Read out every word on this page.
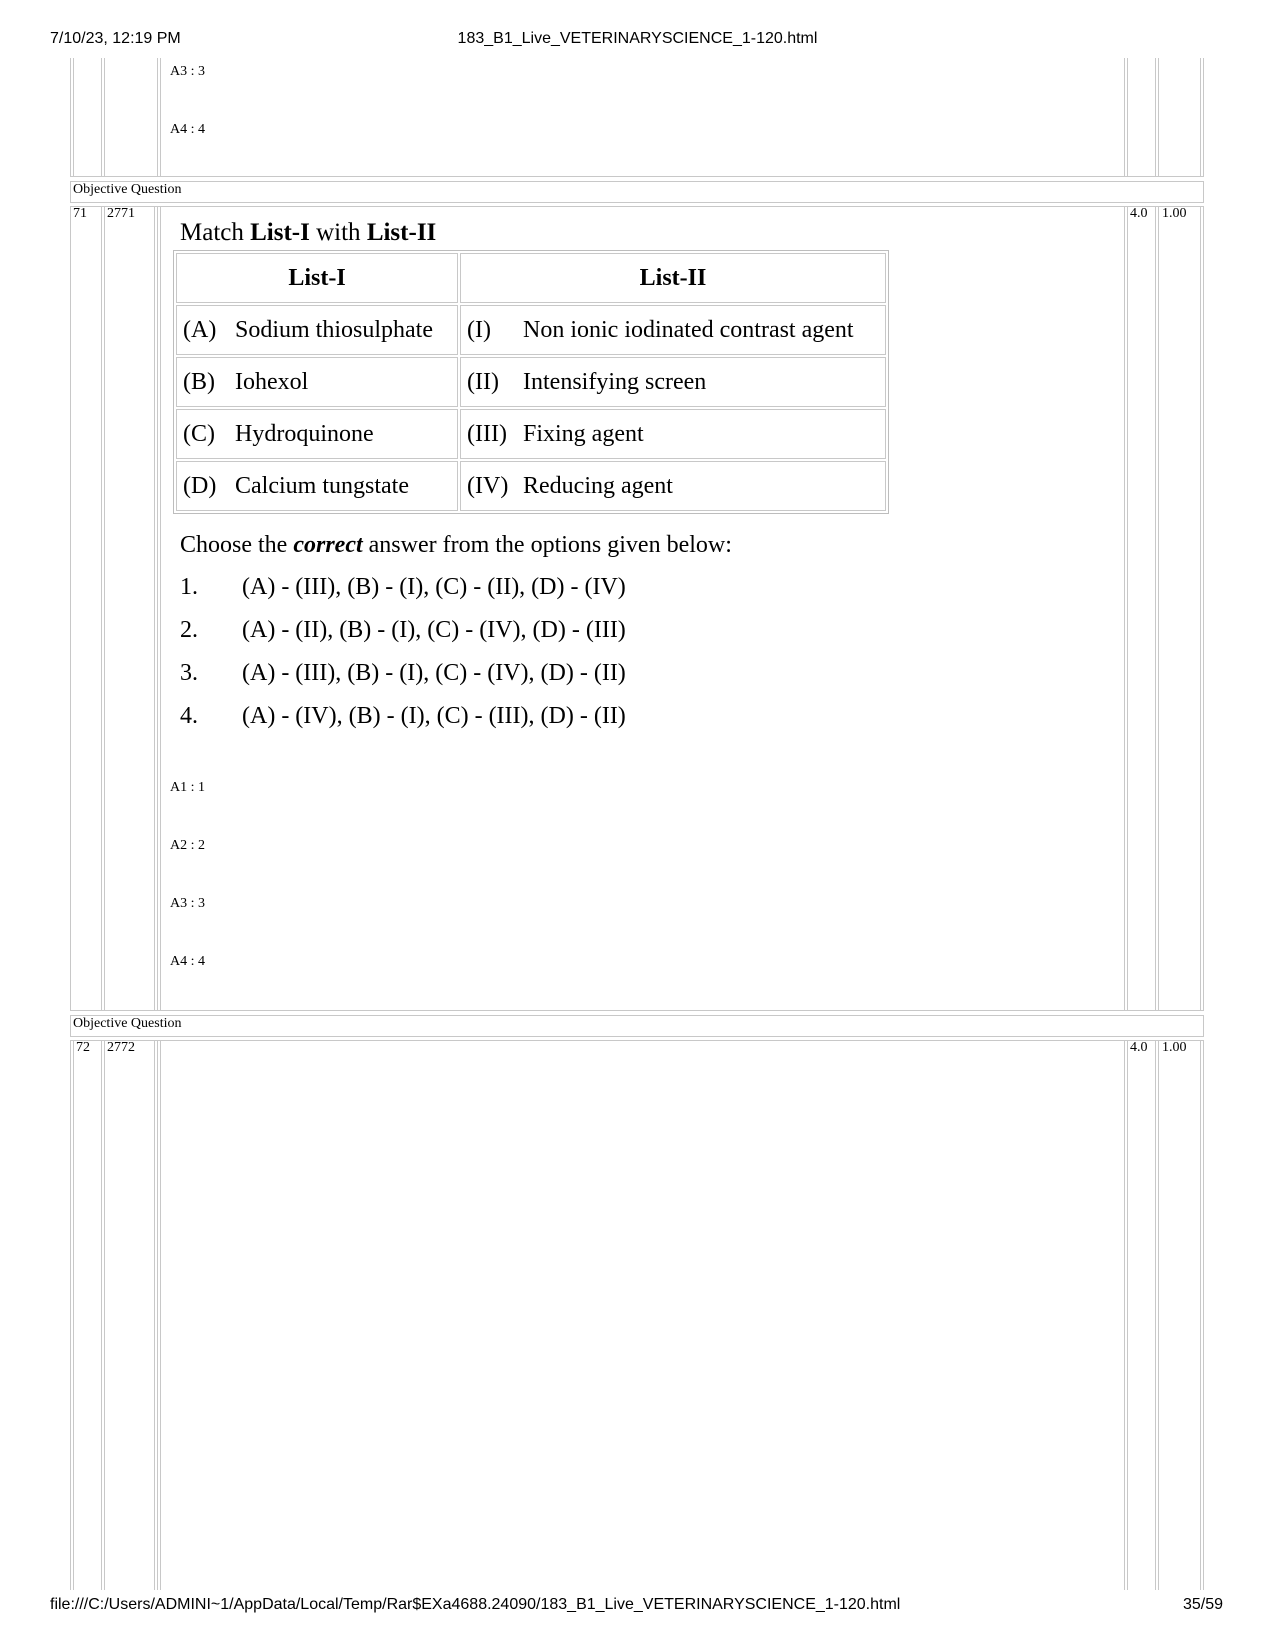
7/10/23, 12:19 PM	183_B1_Live_VETERINARYSCIENCE_1-120.html
A3 : 3
A4 : 4
Objective Question
71 2771	4.0 1.00
Match List-I with List-II
List-I	List-II
(A) Sodium thiosulphate	(I) Non ionic iodinated contrast agent
(B) Iohexol	(II) Intensifying screen
(C) Hydroquinone	(III) Fixing agent
(D) Calcium tungstate	(IV) Reducing agent
Choose the correct answer from the options given below:
1. (A) - (III), (B) - (I), (C) - (II), (D) - (IV)
2. (A) - (II), (B) - (I), (C) - (IV), (D) - (III)
3. (A) - (III), (B) - (I), (C) - (IV), (D) - (II)
4. (A) - (IV), (B) - (I), (C) - (III), (D) - (II)
A1 : 1
A2 : 2
A3 : 3
A4 : 4
Objective Question
72 2772	4.0 1.00
file:///C:/Users/ADMINI~1/AppData/Local/Temp/Rar$EXa4688.24090/183_B1_Live_VETERINARYSCIENCE_1-120.html	35/59
